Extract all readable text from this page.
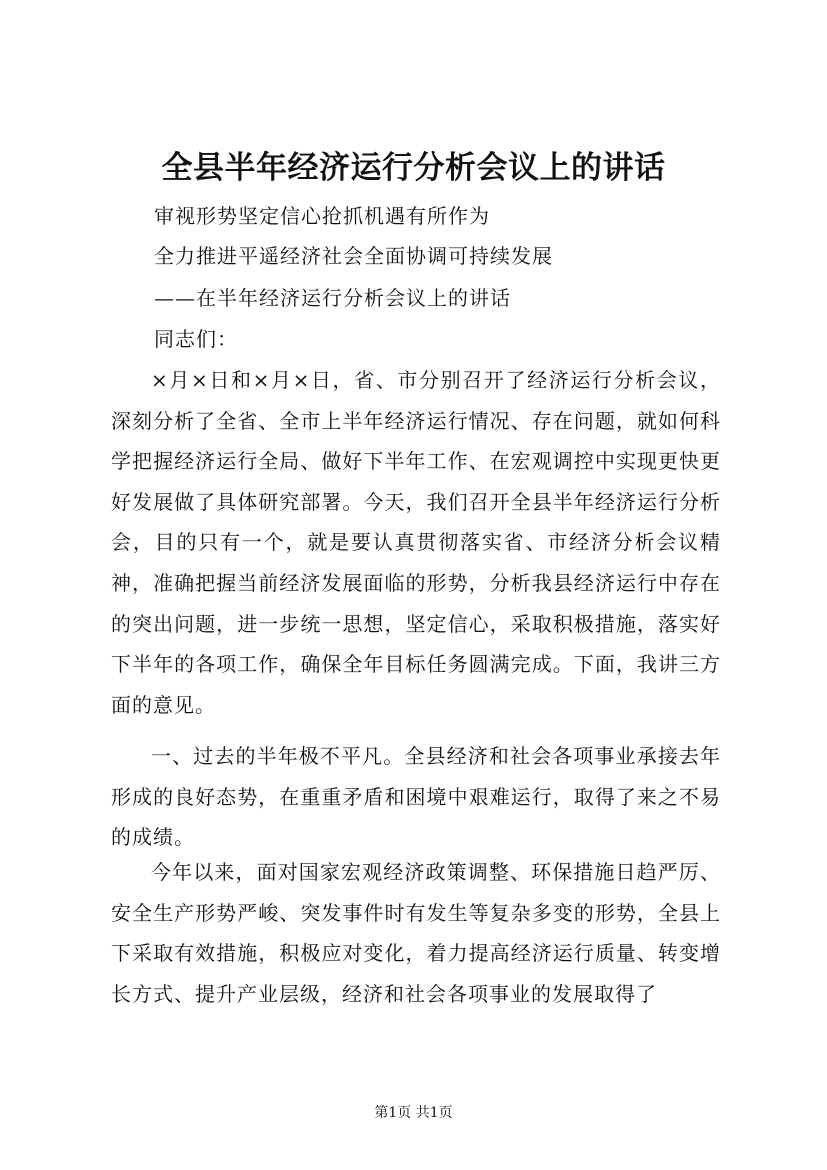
全县半年经济运行分析会议上的讲话
审视形势坚定信心抢抓机遇有所作为
全力推进平遥经济社会全面协调可持续发展
——在半年经济运行分析会议上的讲话
同志们：

×月×日和×月×日，省、市分别召开了经济运行分析会议，深刻分析了全省、全市上半年经济运行情况、存在问题，就如何科学把握经济运行全局、做好下半年工作、在宏观调控中实现更快更好发展做了具体研究部署。今天，我们召开全县半年经济运行分析会，目的只有一个，就是要认真贯彻落实省、市经济分析会议精神，准确把握当前经济发展面临的形势，分析我县经济运行中存在的突出问题，进一步统一思想，坚定信心，采取积极措施，落实好下半年的各项工作，确保全年目标任务圆满完成。下面，我讲三方面的意见。

一、过去的半年极不平凡。全县经济和社会各项事业承接去年形成的良好态势，在重重矛盾和困境中艰难运行，取得了来之不易的成绩。

今年以来，面对国家宏观经济政策调整、环保措施日趋严厉、安全生产形势严峻、突发事件时有发生等复杂多变的形势，全县上下采取有效措施，积极应对变化，着力提高经济运行质量、转变增长方式、提升产业层级，经济和社会各项事业的发展取得了

第1页 共1页
